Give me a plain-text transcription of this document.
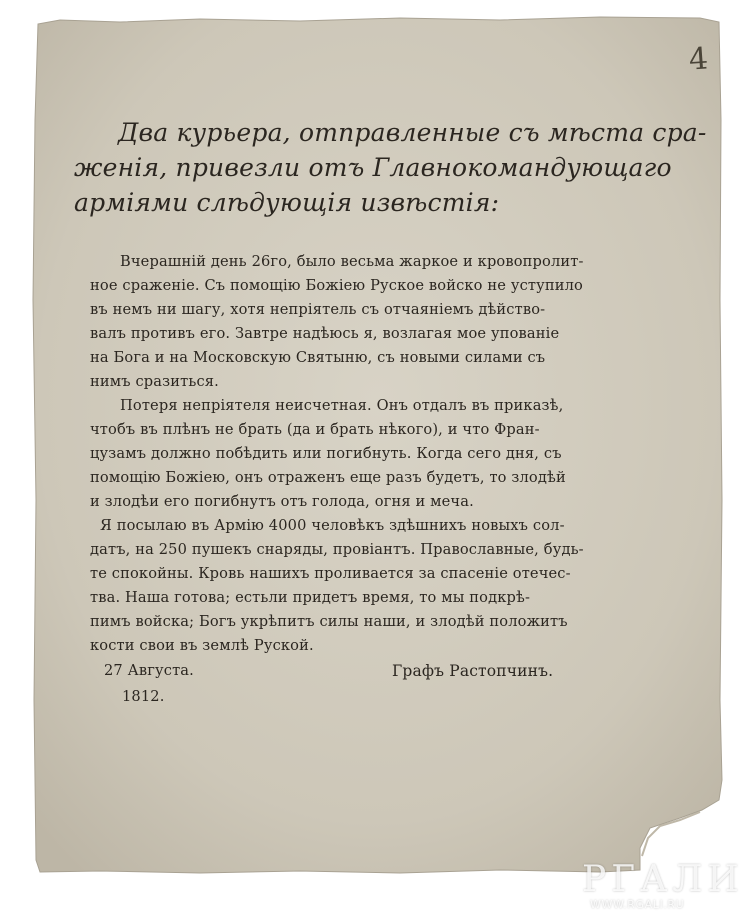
4
Два курьера, отправленные съ мѣста сра-
женія, привезли отъ Главнокомандующаго
арміями слѣдующія извѣстія:
Вчерашній день 26го, было весьма жаркое и кровопролит-
ное сраженіе. Съ помощію Божіею Руское войско не уступило
въ немъ ни шагу, хотя непріятель съ отчаяніемъ дѣйство-
валъ противъ его. Завтре надѣюсь я, возлагая мое упованіе
на Бога и на Московскую Святыню, съ новыми силами съ
нимъ сразиться.
Потеря непріятеля неисчетная. Онъ отдалъ въ приказѣ,
чтобъ въ плѣнъ не брать (да и брать нѣкого), и что Фран-
цузамъ должно побѣдить или погибнуть. Когда сего дня, съ
помощію Божіею, онъ отраженъ еще разъ будетъ, то злодѣй
и злодѣи его погибнутъ отъ голода, огня и меча.
Я посылаю въ Армію 4000 человѣкъ здѣшнихъ новыхъ сол-
датъ, на 250 пушекъ снаряды, провіантъ. Православные, будь-
те спокойны. Кровь нашихъ проливается за спасеніе отечес-
тва. Наша готова; естьли придетъ время, то мы подкрѣ-
пимъ войска; Богъ укрѣпитъ силы наши, и злодѣй положитъ
кости свои въ землѣ Руской.
27 Августа.
1812.
Графъ Растопчинъ.
РГАЛИ
WWW.RGALI.RU
